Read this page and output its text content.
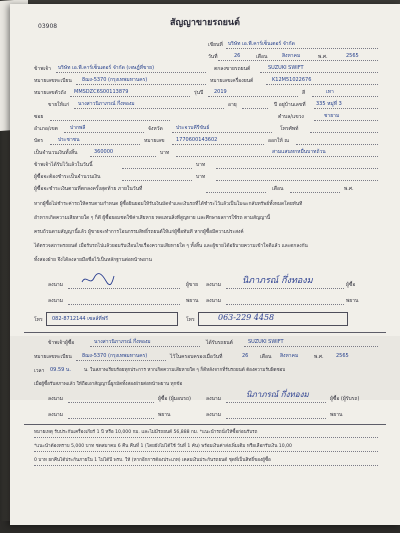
03908	สัญญาขายรถยนต์
เขียนที่ บริษัท เอ.พี.คาร์เซ็นเตอร์ จำกัด
วันที่	26	เดือน	สิงหาคม	พ.ศ.	2565
ข้าพเจ้า บริษัท เอ.พี.คาร์เซ็นเตอร์ จำกัด (เจษฎ์ที่ขาย)	ตกลงขายรถยนต์	SUZUKI SWIFT
หมายเลขทะเบียน 8ฌง-5370 (กรุงเทพมหานคร)	หมายเลขเครื่องยนต์	K12M51022676
หมายเลขตัวถัง MMSDZC6S00113879	รุ่นปี 2019	สี	เทา
ขายให้แก่ นางสาวนิภาภรณ์ กึ่งทองม	อายุ	ปี อยู่บ้านเลขที่ 335 หมู่ที่ 3
ซอย	ตำบล/แขวง	ชายาม
อำเภอ/เขต ปากพลี	จังหวัด	ประจวบคีรีขันธ์	โทรศัพท์
บัตร	ประชาชน	หมายเลข 1770600143602	ออกให้ ณ
เป็นจำนวนเงินทั้งสิ้น	360000	บาท	สามแสนหกหมื่นบาทถ้วน
ข้าพเจ้าได้รับไว้แล้วในวันนี้	บาท
ผู้ซื้อจะต้องชำระเป็นจำนวนเงิน	บาท
ผู้ซื้อจะชำระเงินตามที่ตกลงครั้งสุดท้าย ภายในวันที่	เดือน	พ.ศ.
หากผู้ซื้อไม่ชำระค่ารถให้ครบตามกำหนด ผู้ซื้อยินยอมให้รับเงินมัดจำและเงินรถที่ได้ชำระไว้แล้วเป็นโมฆะกลับทรัพย์ทั้งหมดโดยทันที
อำหากเกิดความเสียหายใด ๆ ก็ดี ผู้ซื้อยอมชดใช้ค่าเสียหาย ทดแทนสิ่งที่สูญหาย และศึกษาผลการใช้รถ ตามสัญญานี้
ครบถ้วนตามสัญญานี้แล้ว ผู้ขายจะทำการโอนกรรมสิทธิ์รถยนต์ให้แก่ผู้ซื้อทันที หากผู้ซื้อมีความประสงค์
ได้ตรวจสภาพรถยนต์ เมื่อรับรถไปแล้วยอมรับเงื่อนไขเรื่องความเสียหายใด ๆ ทั้งสิ้น และผู้ขายได้อธิบายความเข้าใจดีแล้ว และตกลงกัน
ทั้งสองฝ่าย จึงได้ลงลายมือชื่อไว้เป็นหลักฐานต่อหน้าพยาน
ลงนาม	ผู้ขาย ลงนาม นิภาภรณ์ กึ่งทองม	ผู้ซื้อ
ลงนาม	พยาน ลงนาม	พยาน
โทร 082-8712144 เซลล์ที่ฟรี	โทร	063-229 4458
ข้าพเจ้าผู้ซื้อ	นางสาวนิภาภรณ์ กึ่งทองม	ได้รับรถยนต์	SUZUKI SWIFT
หมายเลขทะเบียน 8ฌง-5370 (กรุงเทพมหานคร)	ไว้ในครอบครองเมื่อวันที่	26 เดือน สิงหาคม	พ.ศ. 2565
เวลา 09.59 น.	น. ในสภาพเรียบร้อยทุกประการ หากเกิดความเสียหายใด ๆ ก็ดีหลังจากที่รับรถยนต์ ต้องความรับผิดชอบ
เมื่อผู้ซื้อรับสภาพแล้ว ให้ถือเอาสัญญานี้ผูกมัดทั้งสองฝ่ายต่อหน้าพยาน ทุกข้อ
ลงนาม	ผู้ซื้อ (ผู้มอบรถ)	ลงนาม	นิภาภรณ์ กึ่งทองม	ผู้ซื้อ (ผู้รับรถ)
ลงนาม	พยาน	ลงนาม	พยาน
หมายเหตุ รับประกันเครื่องเกียร์ 1 ปี หรือ 10,000 กม. และไม่มีรถยนต์ 56,888 กม. *แนะนำรถนั่งให้ซื้อก่อนรับรถ
*แนะนำต้องทราบ 5,000 บาท ชดสมาคม 6 คืน คืนที่ 1 (โดยยังไม่ได้ใช้ วันที่ 1 คัน) พร้อมเงินค่าส่งเพิ่มเติม หรือเลือกรับเงิน 10,00
0 บาท ยกคืนได้ประกันภายใน 1 ไม่ได้ปี พรบ. ให้ (หากอีกการต้องประเภท) เคลมเงินประกันรถยนต์ ชุดที่เป็นสิทธิ์ของผู้ซื้อ
